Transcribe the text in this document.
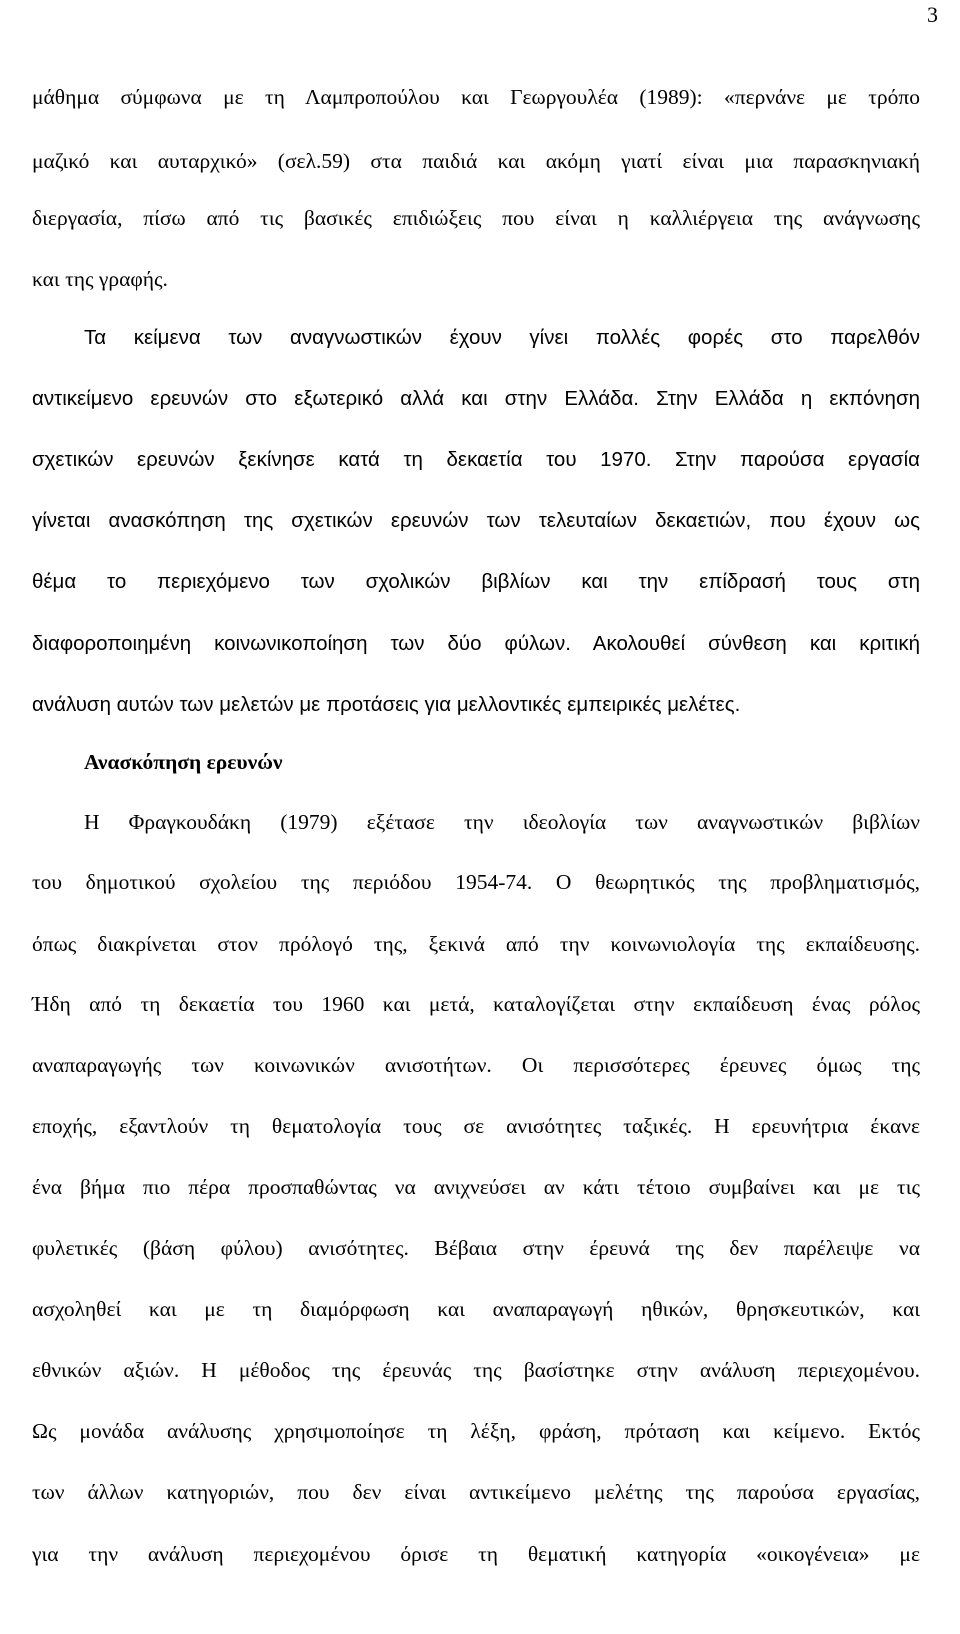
3
μάθημα σύμφωνα με τη Λαμπροπούλου και Γεωργουλέα (1989): «περνάνε με τρόπο
μαζικό και αυταρχικό» (σελ.59) στα παιδιά και ακόμη γιατί είναι μια παρασκηνιακή
διεργασία, πίσω από τις βασικές επιδιώξεις που είναι η καλλιέργεια της ανάγνωσης
και της γραφής.
Τα κείμενα των αναγνωστικών έχουν γίνει πολλές φορές στο παρελθόν
αντικείμενο ερευνών στο εξωτερικό αλλά και στην Ελλάδα. Στην Ελλάδα η εκπόνηση
σχετικών ερευνών ξεκίνησε κατά τη δεκαετία του 1970. Στην παρούσα εργασία
γίνεται ανασκόπηση της σχετικών ερευνών των τελευταίων δεκαετιών, που έχουν ως
θέμα το περιεχόμενο των σχολικών βιβλίων και την επίδρασή τους στη
διαφοροποιημένη κοινωνικοποίηση των δύο φύλων. Ακολουθεί σύνθεση και κριτική
ανάλυση αυτών των μελετών με προτάσεις για μελλοντικές εμπειρικές μελέτες.
Ανασκόπηση ερευνών
Η Φραγκουδάκη (1979) εξέτασε την ιδεολογία των αναγνωστικών βιβλίων
του δημοτικού σχολείου της περιόδου 1954-74. Ο θεωρητικός της προβληματισμός,
όπως διακρίνεται στον πρόλογό της, ξεκινά από την κοινωνιολογία της εκπαίδευσης.
Ήδη από τη δεκαετία του 1960 και μετά, καταλογίζεται στην εκπαίδευση ένας ρόλος
αναπαραγωγής των κοινωνικών ανισοτήτων. Οι περισσότερες έρευνες όμως της
εποχής, εξαντλούν τη θεματολογία τους σε ανισότητες ταξικές. Η ερευνήτρια έκανε
ένα βήμα πιο πέρα προσπαθώντας να ανιχνεύσει αν κάτι τέτοιο συμβαίνει και με τις
φυλετικές (βάση φύλου) ανισότητες. Βέβαια στην έρευνά της δεν παρέλειψε να
ασχοληθεί και με τη διαμόρφωση και αναπαραγωγή ηθικών, θρησκευτικών, και
εθνικών αξιών. Η μέθοδος της έρευνάς της βασίστηκε στην ανάλυση περιεχομένου.
Ως μονάδα ανάλυσης χρησιμοποίησε τη λέξη, φράση, πρόταση και κείμενο. Εκτός
των άλλων κατηγοριών, που δεν είναι αντικείμενο μελέτης της παρούσα εργασίας,
για την ανάλυση περιεχομένου όρισε τη θεματική κατηγορία «οικογένεια» με
